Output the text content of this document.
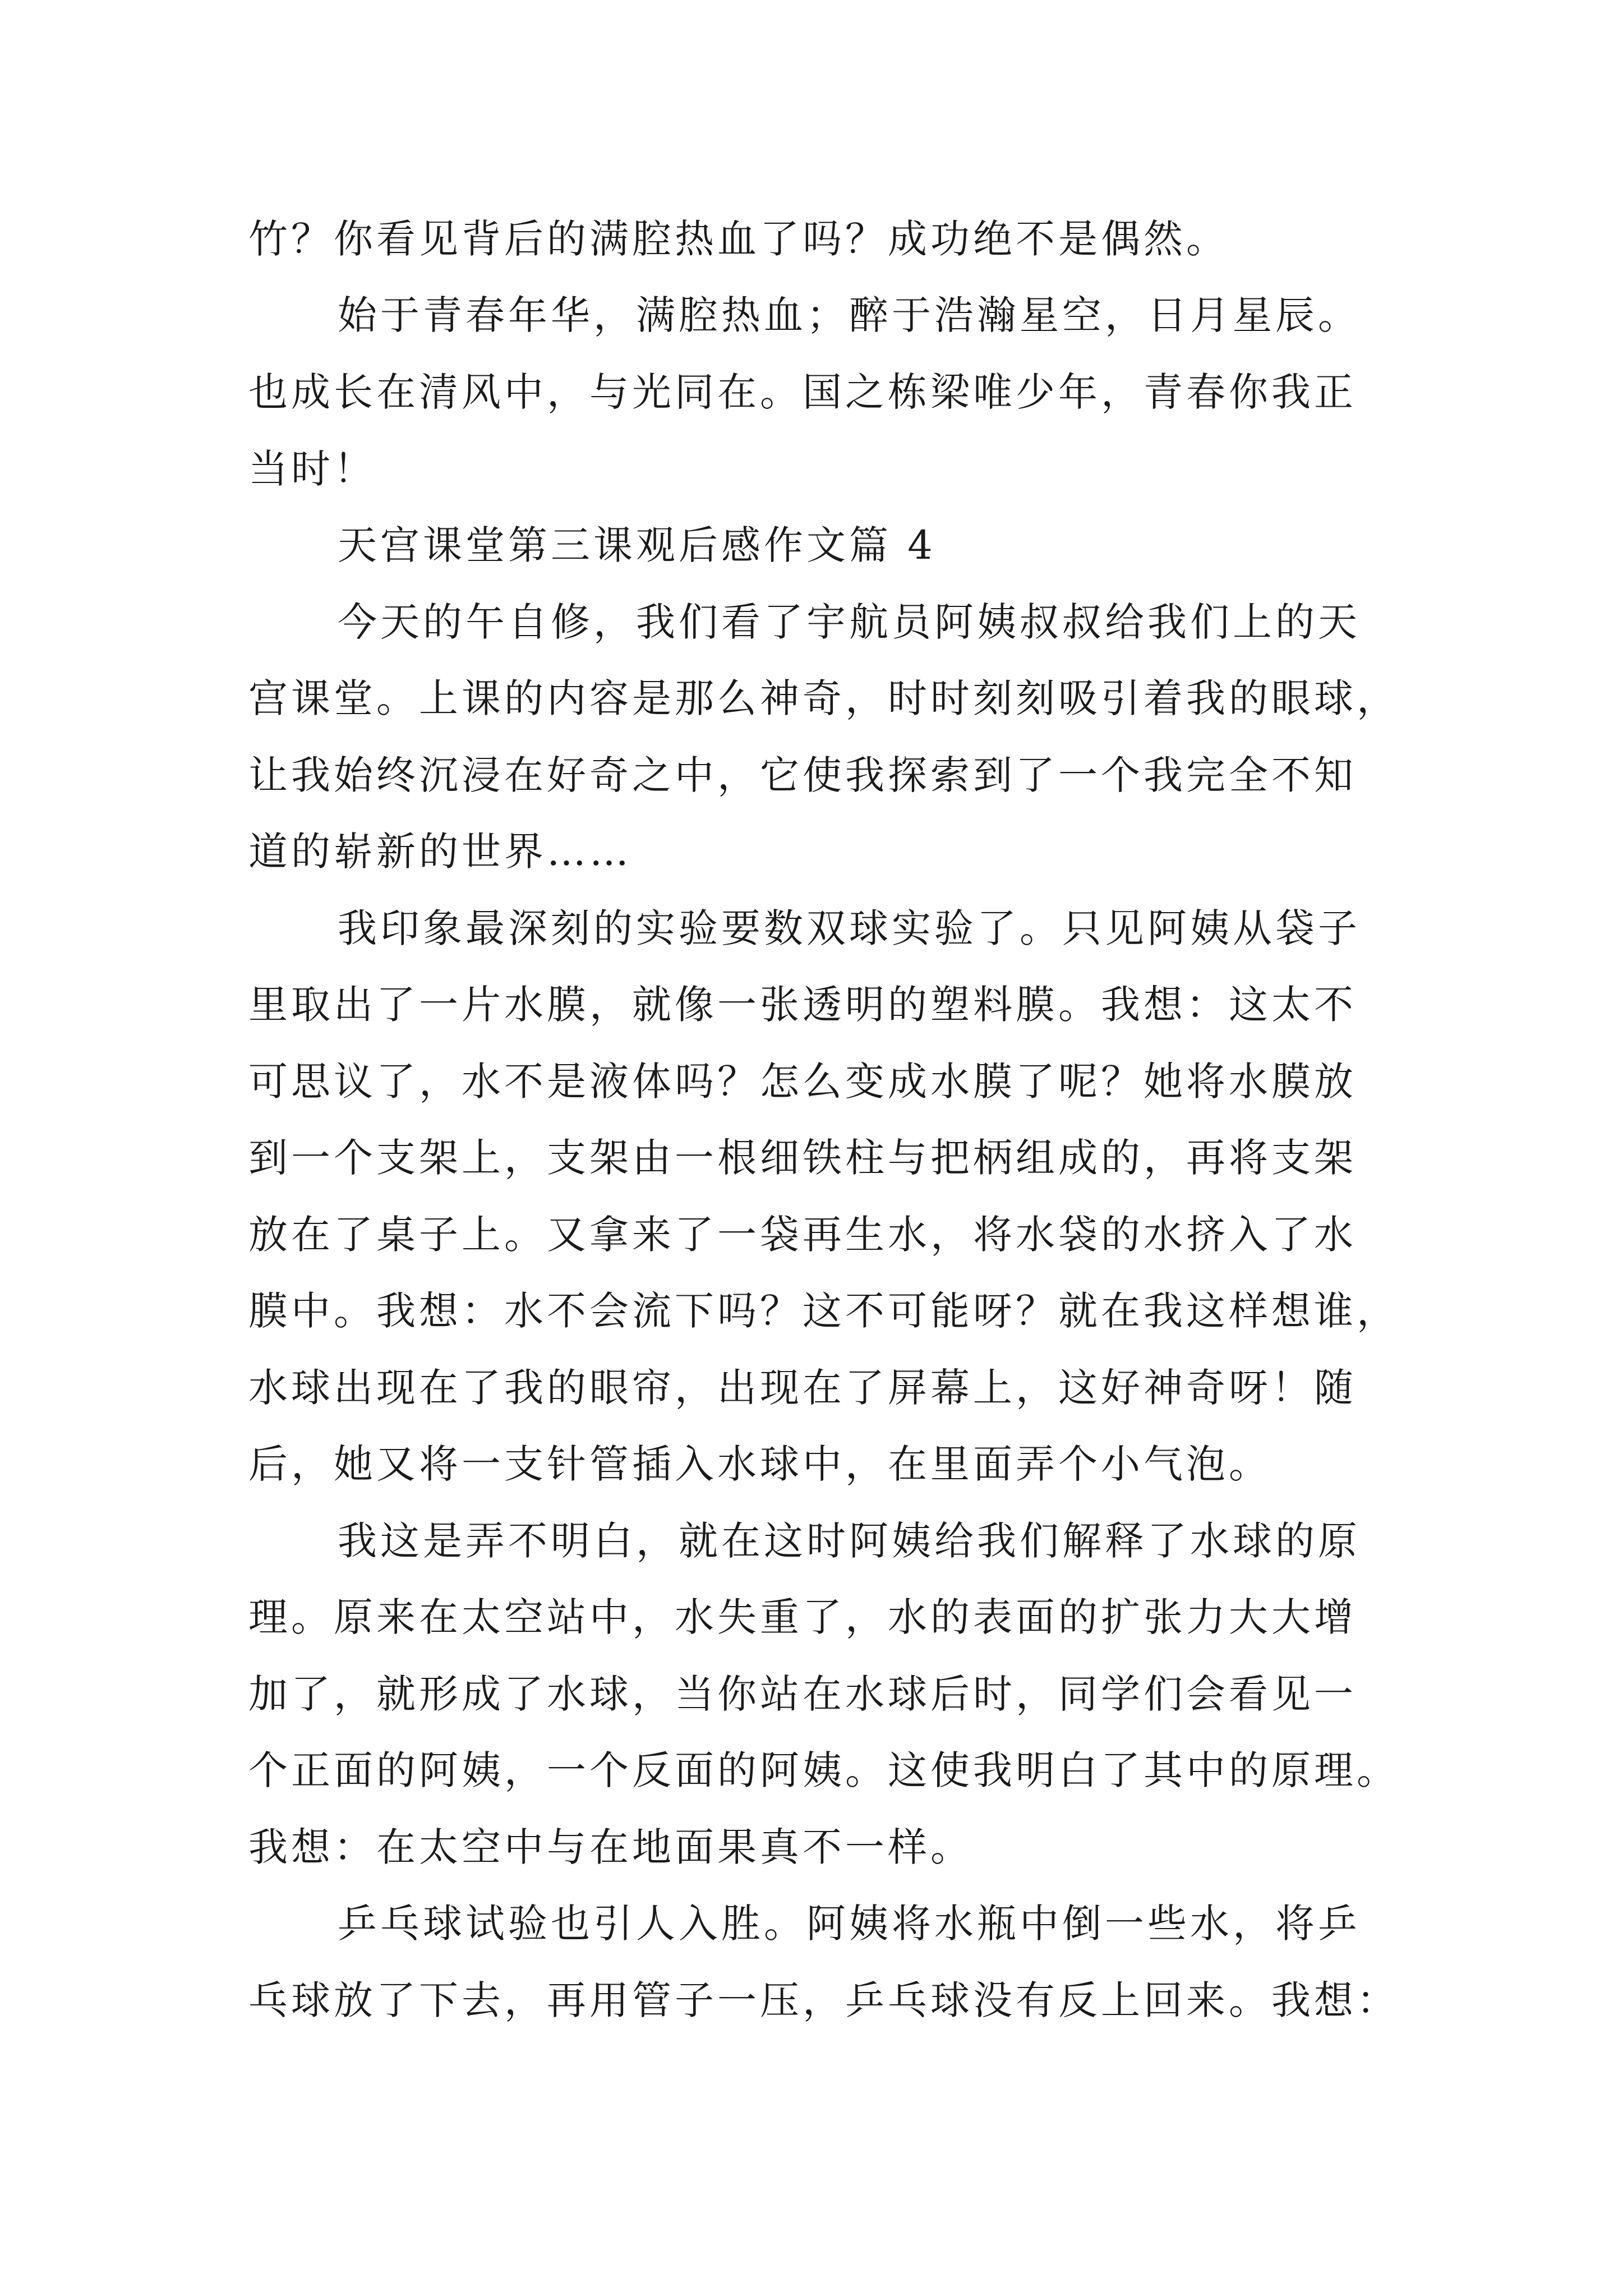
竹？你看见背后的满腔热血了吗？成功绝不是偶然。
始于青春年华，满腔热血；醉于浩瀚星空，日月星辰。
也成长在清风中，与光同在。国之栋梁唯少年，青春你我正
当时！
天宫课堂第三课观后感作文篇 4
今天的午自修，我们看了宇航员阿姨叔叔给我们上的天
宫课堂。上课的内容是那么神奇，时时刻刻吸引着我的眼球，
让我始终沉浸在好奇之中，它使我探索到了一个我完全不知
道的崭新的世界……
我印象最深刻的实验要数双球实验了。只见阿姨从袋子
里取出了一片水膜，就像一张透明的塑料膜。我想：这太不
可思议了，水不是液体吗？怎么变成水膜了呢？她将水膜放
到一个支架上，支架由一根细铁柱与把柄组成的，再将支架
放在了桌子上。又拿来了一袋再生水，将水袋的水挤入了水
膜中。我想：水不会流下吗？这不可能呀？就在我这样想谁，
水球出现在了我的眼帘，出现在了屏幕上，这好神奇呀！随
后，她又将一支针管插入水球中，在里面弄个小气泡。
我这是弄不明白，就在这时阿姨给我们解释了水球的原
理。原来在太空站中，水失重了，水的表面的扩张力大大增
加了，就形成了水球，当你站在水球后时，同学们会看见一
个正面的阿姨，一个反面的阿姨。这使我明白了其中的原理。
我想：在太空中与在地面果真不一样。
乒乓球试验也引人入胜。阿姨将水瓶中倒一些水，将乒
乓球放了下去，再用管子一压，乒乓球没有反上回来。我想：
